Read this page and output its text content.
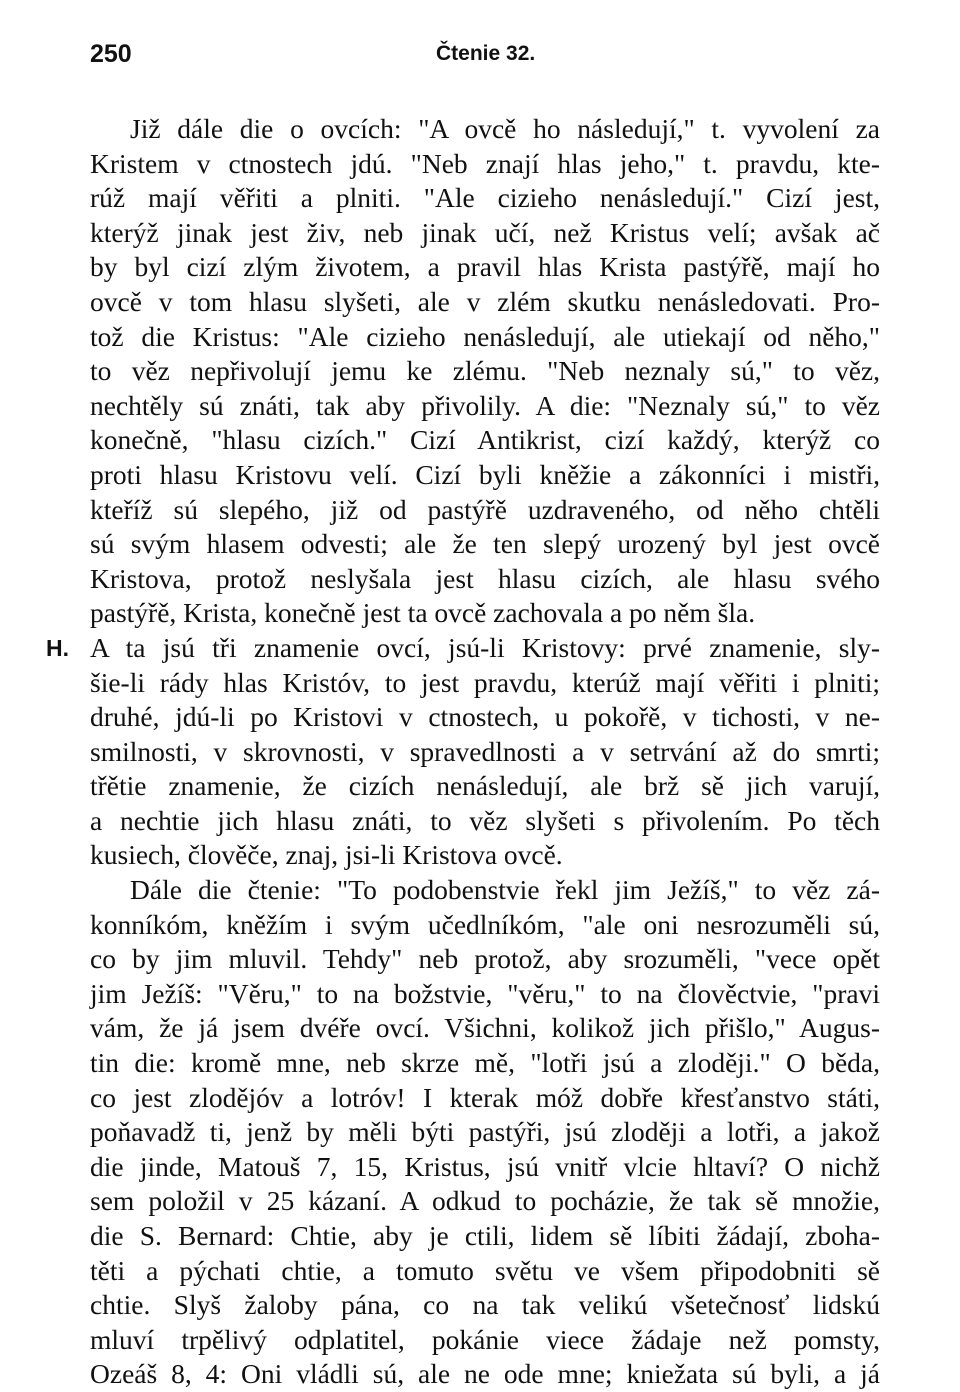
250	Čtenie 32.
Již dále die o ovcích: "A ovcě ho následují," t. vyvolení za
Kristem v ctnostech jdú. "Neb znají hlas jeho," t. pravdu, kte-
rúž mají věřiti a plniti. "Ale cizieho nenásledují." Cizí jest,
kterýž jinak jest živ, neb jinak učí, než Kristus velí; avšak ač
by byl cizí zlým životem, a pravil hlas Krista pastýřě, mají ho
ovcě v tom hlasu slyšeti, ale v zlém skutku nenásledovati. Pro-
tož die Kristus: "Ale cizieho nenásledují, ale utiekají od něho,"
to věz nepřivolují jemu ke zlému. "Neb neznaly sú," to věz,
nechtěly sú znáti, tak aby přivolily. A die: "Neznaly sú," to věz
konečně, "hlasu cizích." Cizí Antikrist, cizí každý, kterýž co
proti hlasu Kristovu velí. Cizí byli kněžie a zákonníci i mistři,
kteříž sú slepého, již od pastýřě uzdraveného, od něho chtěli
sú svým hlasem odvesti; ale že ten slepý urozený byl jest ovcě
Kristova, protož neslyšala jest hlasu cizích, ale hlasu svého
pastýřě, Krista, konečně jest ta ovcě zachovala a po něm šla.
H. A ta jsú tři znamenie ovcí, jsú-li Kristovy: prvé znamenie, sly-
šie-li rády hlas Kristóv, to jest pravdu, kterúž mají věřiti i plniti;
druhé, jdú-li po Kristovi v ctnostech, u pokořě, v tichosti, v ne-
smilnosti, v skrovnosti, v spravedlnosti a v setrvání až do smrti;
třětie znamenie, že cizích nenásledují, ale brž sě jich varují,
a nechtie jich hlasu znáti, to věz slyšeti s přivolením. Po těch
kusiech, člověče, znaj, jsi-li Kristova ovcě.
Dále die čtenie: "To podobenstvie řekl jim Ježíš," to věz zá-
konníkóm, kněžím i svým učedlníkóm, "ale oni nesrozuměli sú,
co by jim mluvil. Tehdy" neb protož, aby srozuměli, "vece opět
jim Ježíš: "Věru," to na božstvie, "věru," to na člověctvie, "pravi
vám, že já jsem dvéře ovcí. Všichni, kolikož jich přišlo," Augus-
tin die: kromě mne, neb skrze mě, "lotři jsú a zloději." O běda,
co jest zlodějóv a lotróv! I kterak móž dobře křesťanstvo státi,
poňavadž ti, jenž by měli býti pastýři, jsú zloději a lotři, a jakož
die jinde, Matouš 7, 15, Kristus, jsú vnitř vlcie hltaví? O nichž
sem položil v 25 kázaní. A odkud to pocházie, že tak sě množie,
die S. Bernard: Chtie, aby je ctili, lidem sě líbiti žádají, zboha-
těti a pýchati chtie, a tomuto světu ve všem připodobniti sě
chtie. Slyš žaloby pána, co na tak velikú všetečnosť lidskú
mluví trpělivý odplatitel, pokánie viece žádaje než pomsty,
Ozeáš 8, 4: Oni vládli sú, ale ne ode mne; kniežata sú byli, a já
